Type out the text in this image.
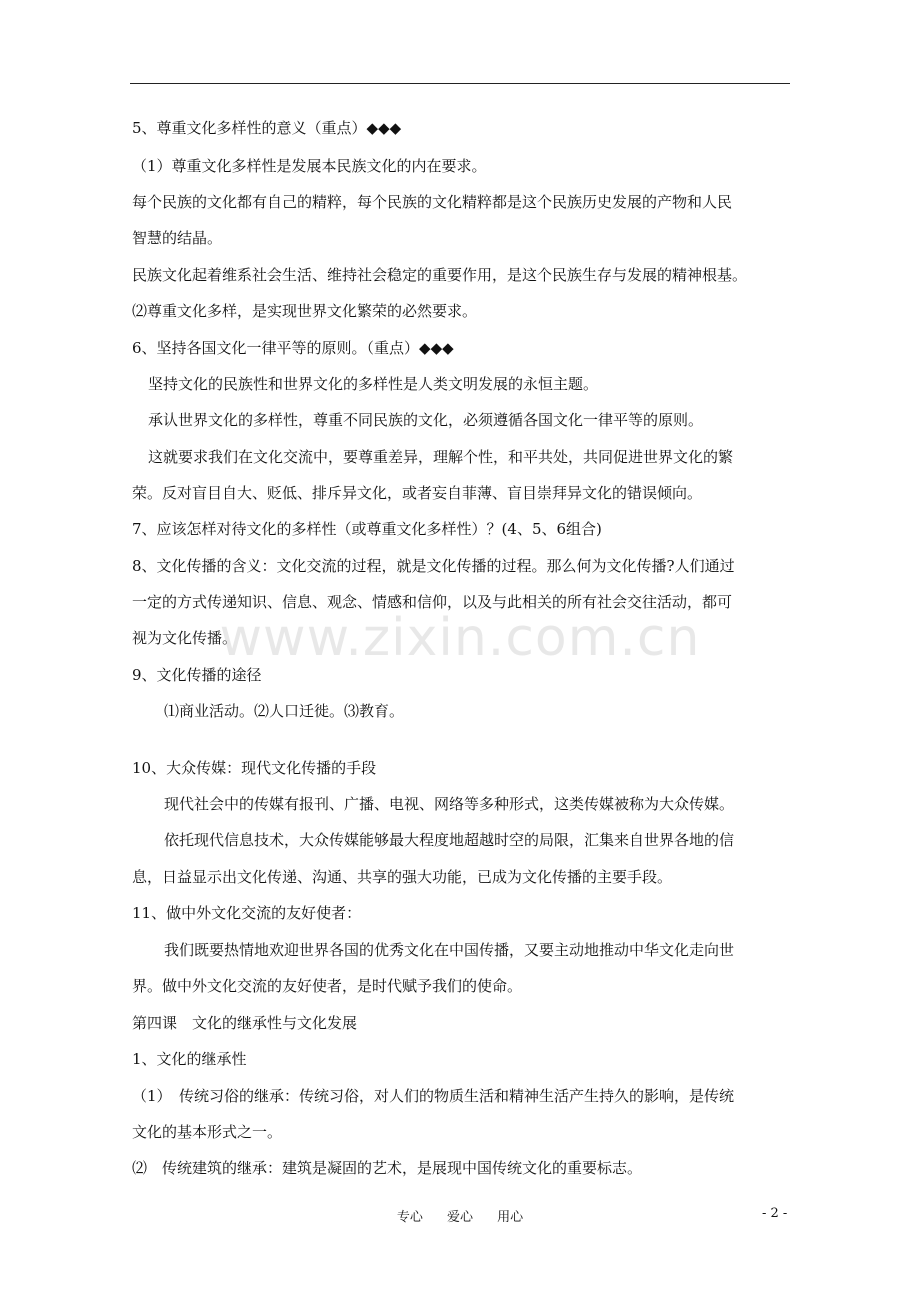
5、尊重文化多样性的意义（重点）◆◆◆
（1）尊重文化多样性是发展本民族文化的内在要求。
每个民族的文化都有自己的精粹，每个民族的文化精粹都是这个民族历史发展的产物和人民
智慧的结晶。
民族文化起着维系社会生活、维持社会稳定的重要作用，是这个民族生存与发展的精神根基。
⑵尊重文化多样，是实现世界文化繁荣的必然要求。
6、坚持各国文化一律平等的原则。（重点）◆◆◆
坚持文化的民族性和世界文化的多样性是人类文明发展的永恒主题。
承认世界文化的多样性，尊重不同民族的文化，必须遵循各国文化一律平等的原则。
这就要求我们在文化交流中，要尊重差异，理解个性，和平共处，共同促进世界文化的繁
荣。反对盲目自大、贬低、排斥异文化，或者妄自菲薄、盲目崇拜异文化的错误倾向。
7、应该怎样对待文化的多样性（或尊重文化多样性）？(4、5、6组合)
8、文化传播的含义：文化交流的过程，就是文化传播的过程。那么何为文化传播?人们通过
一定的方式传递知识、信息、观念、情感和信仰，以及与此相关的所有社会交往活动，都可
视为文化传播。
9、文化传播的途径
⑴商业活动。⑵人口迁徙。⑶教育。
10、大众传媒：现代文化传播的手段
现代社会中的传媒有报刊、广播、电视、网络等多种形式，这类传媒被称为大众传媒。
依托现代信息技术，大众传媒能够最大程度地超越时空的局限，汇集来自世界各地的信
息，日益显示出文化传递、沟通、共享的强大功能，已成为文化传播的主要手段。
11、做中外文化交流的友好使者：
我们既要热情地欢迎世界各国的优秀文化在中国传播，又要主动地推动中华文化走向世
界。做中外文化交流的友好使者，是时代赋予我们的使命。
第四课　文化的继承性与文化发展
1、文化的继承性
（1）　传统习俗的继承：传统习俗，对人们的物质生活和精神生活产生持久的影响，是传统
文化的基本形式之一。
⑵　传统建筑的继承：建筑是凝固的艺术，是展现中国传统文化的重要标志。
www.zixin.com.cn
专心 爱心 用心	- 2 -
